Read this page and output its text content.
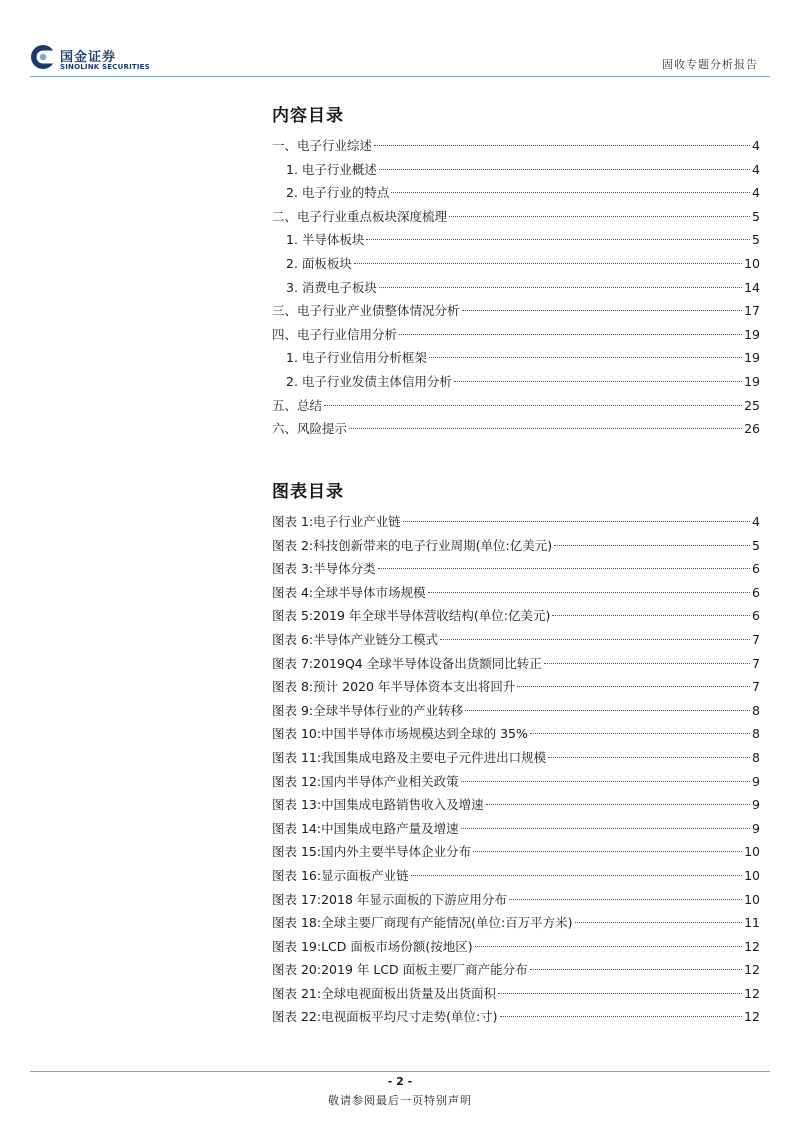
国金证券
SINOLINK SECURITIES	固收专题分析报告
内容目录
一、电子行业综述	4
1. 电子行业概述	4
2. 电子行业的特点	4
二、电子行业重点板块深度梳理	5
1. 半导体板块	5
2. 面板板块	10
3. 消费电子板块	14
三、电子行业产业债整体情况分析	17
四、电子行业信用分析	19
1. 电子行业信用分析框架	19
2. 电子行业发债主体信用分析	19
五、总结	25
六、风险提示	26
图表目录
图表 1:电子行业产业链	4
图表 2:科技创新带来的电子行业周期(单位:亿美元)	5
图表 3:半导体分类	6
图表 4:全球半导体市场规模	6
图表 5:2019 年全球半导体营收结构(单位:亿美元)	6
图表 6:半导体产业链分工模式	7
图表 7:2019Q4 全球半导体设备出货额同比转正	7
图表 8:预计 2020 年半导体资本支出将回升	7
图表 9:全球半导体行业的产业转移	8
图表 10:中国半导体市场规模达到全球的 35%	8
图表 11:我国集成电路及主要电子元件进出口规模	8
图表 12:国内半导体产业相关政策	9
图表 13:中国集成电路销售收入及增速	9
图表 14:中国集成电路产量及增速	9
图表 15:国内外主要半导体企业分布	10
图表 16:显示面板产业链	10
图表 17:2018 年显示面板的下游应用分布	10
图表 18:全球主要厂商现有产能情况(单位:百万平方米)	11
图表 19:LCD 面板市场份额(按地区)	12
图表 20:2019 年 LCD 面板主要厂商产能分布	12
图表 21:全球电视面板出货量及出货面积	12
图表 22:电视面板平均尺寸走势(单位:寸)	12
- 2 -
敬请参阅最后一页特别声明
